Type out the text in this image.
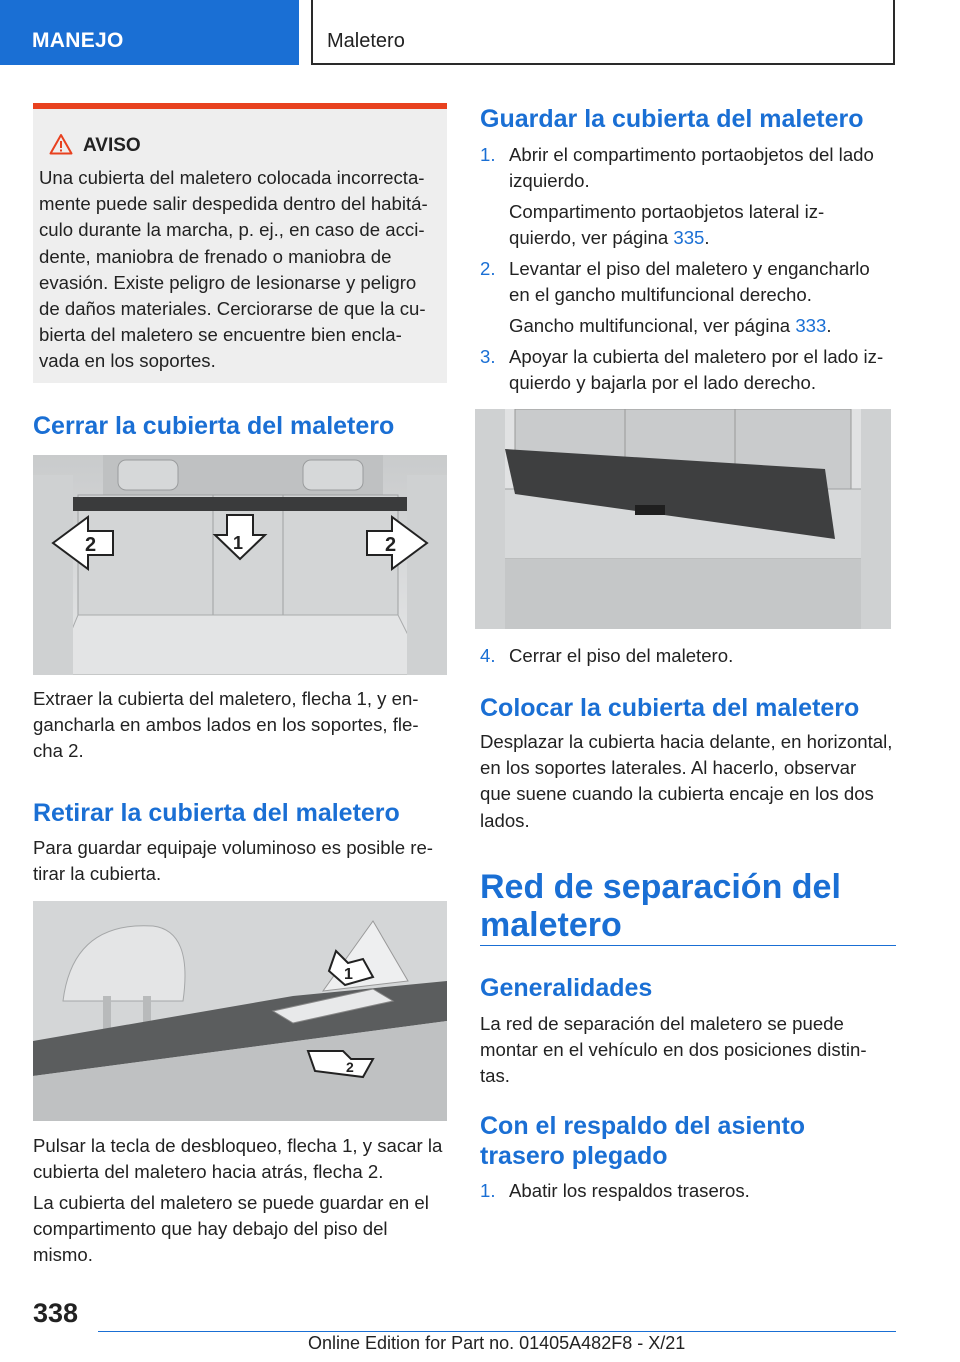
MANEJO	Maletero
AVISO
Una cubierta del maletero colocada incorrecta-
mente puede salir despedida dentro del habitá-
culo durante la marcha, p. ej., en caso de acci-
dente, maniobra de frenado o maniobra de
evasión. Existe peligro de lesionarse y peligro
de daños materiales. Cerciorarse de que la cu-
bierta del maletero se encuentre bien encla-
vada en los soportes.
Cerrar la cubierta del maletero
2	1	2
Extraer la cubierta del maletero, flecha 1, y en-
gancharla en ambos lados en los soportes, fle-
cha 2.
Retirar la cubierta del maletero
Para guardar equipaje voluminoso es posible re-
tirar la cubierta.
1
2
Pulsar la tecla de desbloqueo, flecha 1, y sacar la
cubierta del maletero hacia atrás, flecha 2.
La cubierta del maletero se puede guardar en el
compartimento que hay debajo del piso del
mismo.
Guardar la cubierta del maletero
1. Abrir el compartimento portaobjetos del lado
izquierdo.
Compartimento portaobjetos lateral iz-
quierdo, ver página 335.
2. Levantar el piso del maletero y engancharlo
en el gancho multifuncional derecho.
Gancho multifuncional, ver página 333.
3. Apoyar la cubierta del maletero por el lado iz-
quierdo y bajarla por el lado derecho.
4. Cerrar el piso del maletero.
Colocar la cubierta del maletero
Desplazar la cubierta hacia delante, en horizontal,
en los soportes laterales. Al hacerlo, observar
que suene cuando la cubierta encaje en los dos
lados.
Red de separación del
maletero
Generalidades
La red de separación del maletero se puede
montar en el vehículo en dos posiciones distin-
tas.
Con el respaldo del asiento
trasero plegado
1. Abatir los respaldos traseros.
338
Online Edition for Part no. 01405A482F8 - X/21
